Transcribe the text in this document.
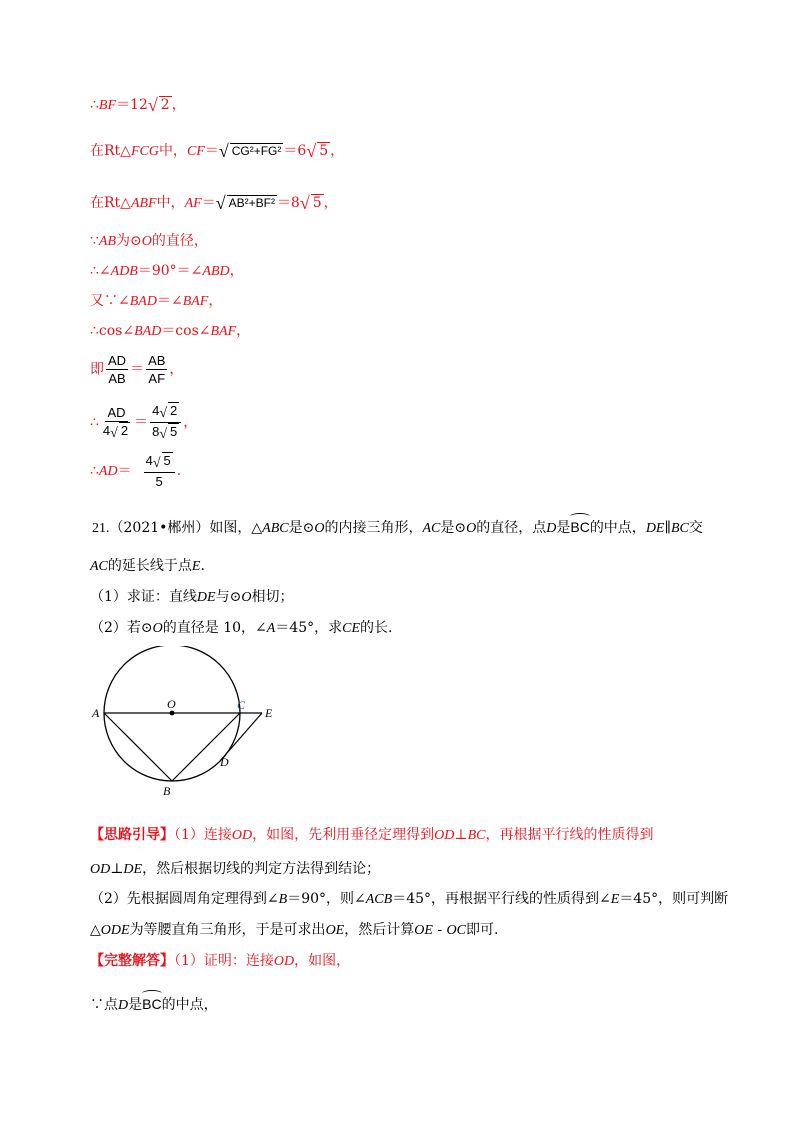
∴BF＝12√ 2 ，
在Rt△FCG中，CF＝√ CG²+FG² ＝6√ 5 ，
在Rt△ABF中，AF＝√ AB²+BF² ＝8√ 5 ，
∵AB为⊙O的直径，
∴∠ADB＝90°＝∠ABD，
又∵∠BAD＝∠BAF，
∴cos∠BAD＝cos∠BAF，
即 $\frac{AD}{AB} = \frac{AB}{AF}$ ，
∴ $\frac{AD}{4√ 2} = \frac{4√ 2}{8√ 5}$ ，
∴AD＝ $\frac{4√ 5}{5}$ .
21.（2021•郴州）如图，△ABC是⊙O的内接三角形，AC是⊙O的直径，点D是BC的中点，DE∥BC交
AC的延长线于点E.
（1）求证：直线DE与⊙O相切；
（2）若⊙O的直径是 10，∠A＝45°，求CE的长.
A
O	C
E
D
B
【思路引导】（1）连接OD，如图，先利用垂径定理得到OD⊥BC，再根据平行线的性质得到
OD⊥DE，然后根据切线的判定方法得到结论；
（2）先根据圆周角定理得到∠B＝90°，则∠ACB＝45°，再根据平行线的性质得到∠E＝45°，则可判断
△ODE为等腰直角三角形，于是可求出OE，然后计算OE - OC即可.
【完整解答】（1）证明：连接OD，如图，
∵点D是BC的中点，
